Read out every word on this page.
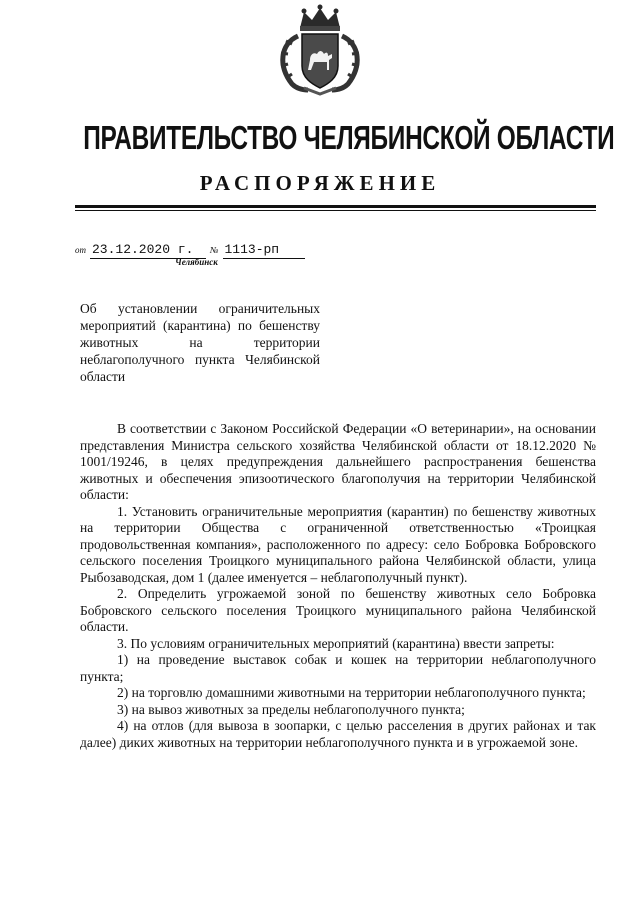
ПРАВИТЕЛЬСТВО ЧЕЛЯБИНСКОЙ ОБЛАСТИ
РАСПОРЯЖЕНИЕ
от 23.12.2020 г. № 1113-рп
Челябинск
Об установлении ограничительных мероприятий (карантина) по бешенству животных на территории неблагополучного пункта Челябинской области

В соответствии с Законом Российской Федерации «О ветеринарии», на основании представления Министра сельского хозяйства Челябинской области от 18.12.2020 № 1001/19246, в целях предупреждения дальнейшего распространения бешенства животных и обеспечения эпизоотического благополучия на территории Челябинской области:

1. Установить ограничительные мероприятия (карантин) по бешенству животных на территории Общества с ограниченной ответственностью «Троицкая продовольственная компания», расположенного по адресу: село Бобровка Бобровского сельского поселения Троицкого муниципального района Челябинской области, улица Рыбозаводская, дом 1 (далее именуется – неблагополучный пункт).

2. Определить угрожаемой зоной по бешенству животных село Бобровка Бобровского сельского поселения Троицкого муниципального района Челябинской области.

3. По условиям ограничительных мероприятий (карантина) ввести запреты:

1) на проведение выставок собак и кошек на территории неблагополучного пункта;

2) на торговлю домашними животными на территории неблагополучного пункта;

3) на вывоз животных за пределы неблагополучного пункта;

4) на отлов (для вывоза в зоопарки, с целью расселения в других районах и так далее) диких животных на территории неблагополучного пункта и в угрожаемой зоне.
